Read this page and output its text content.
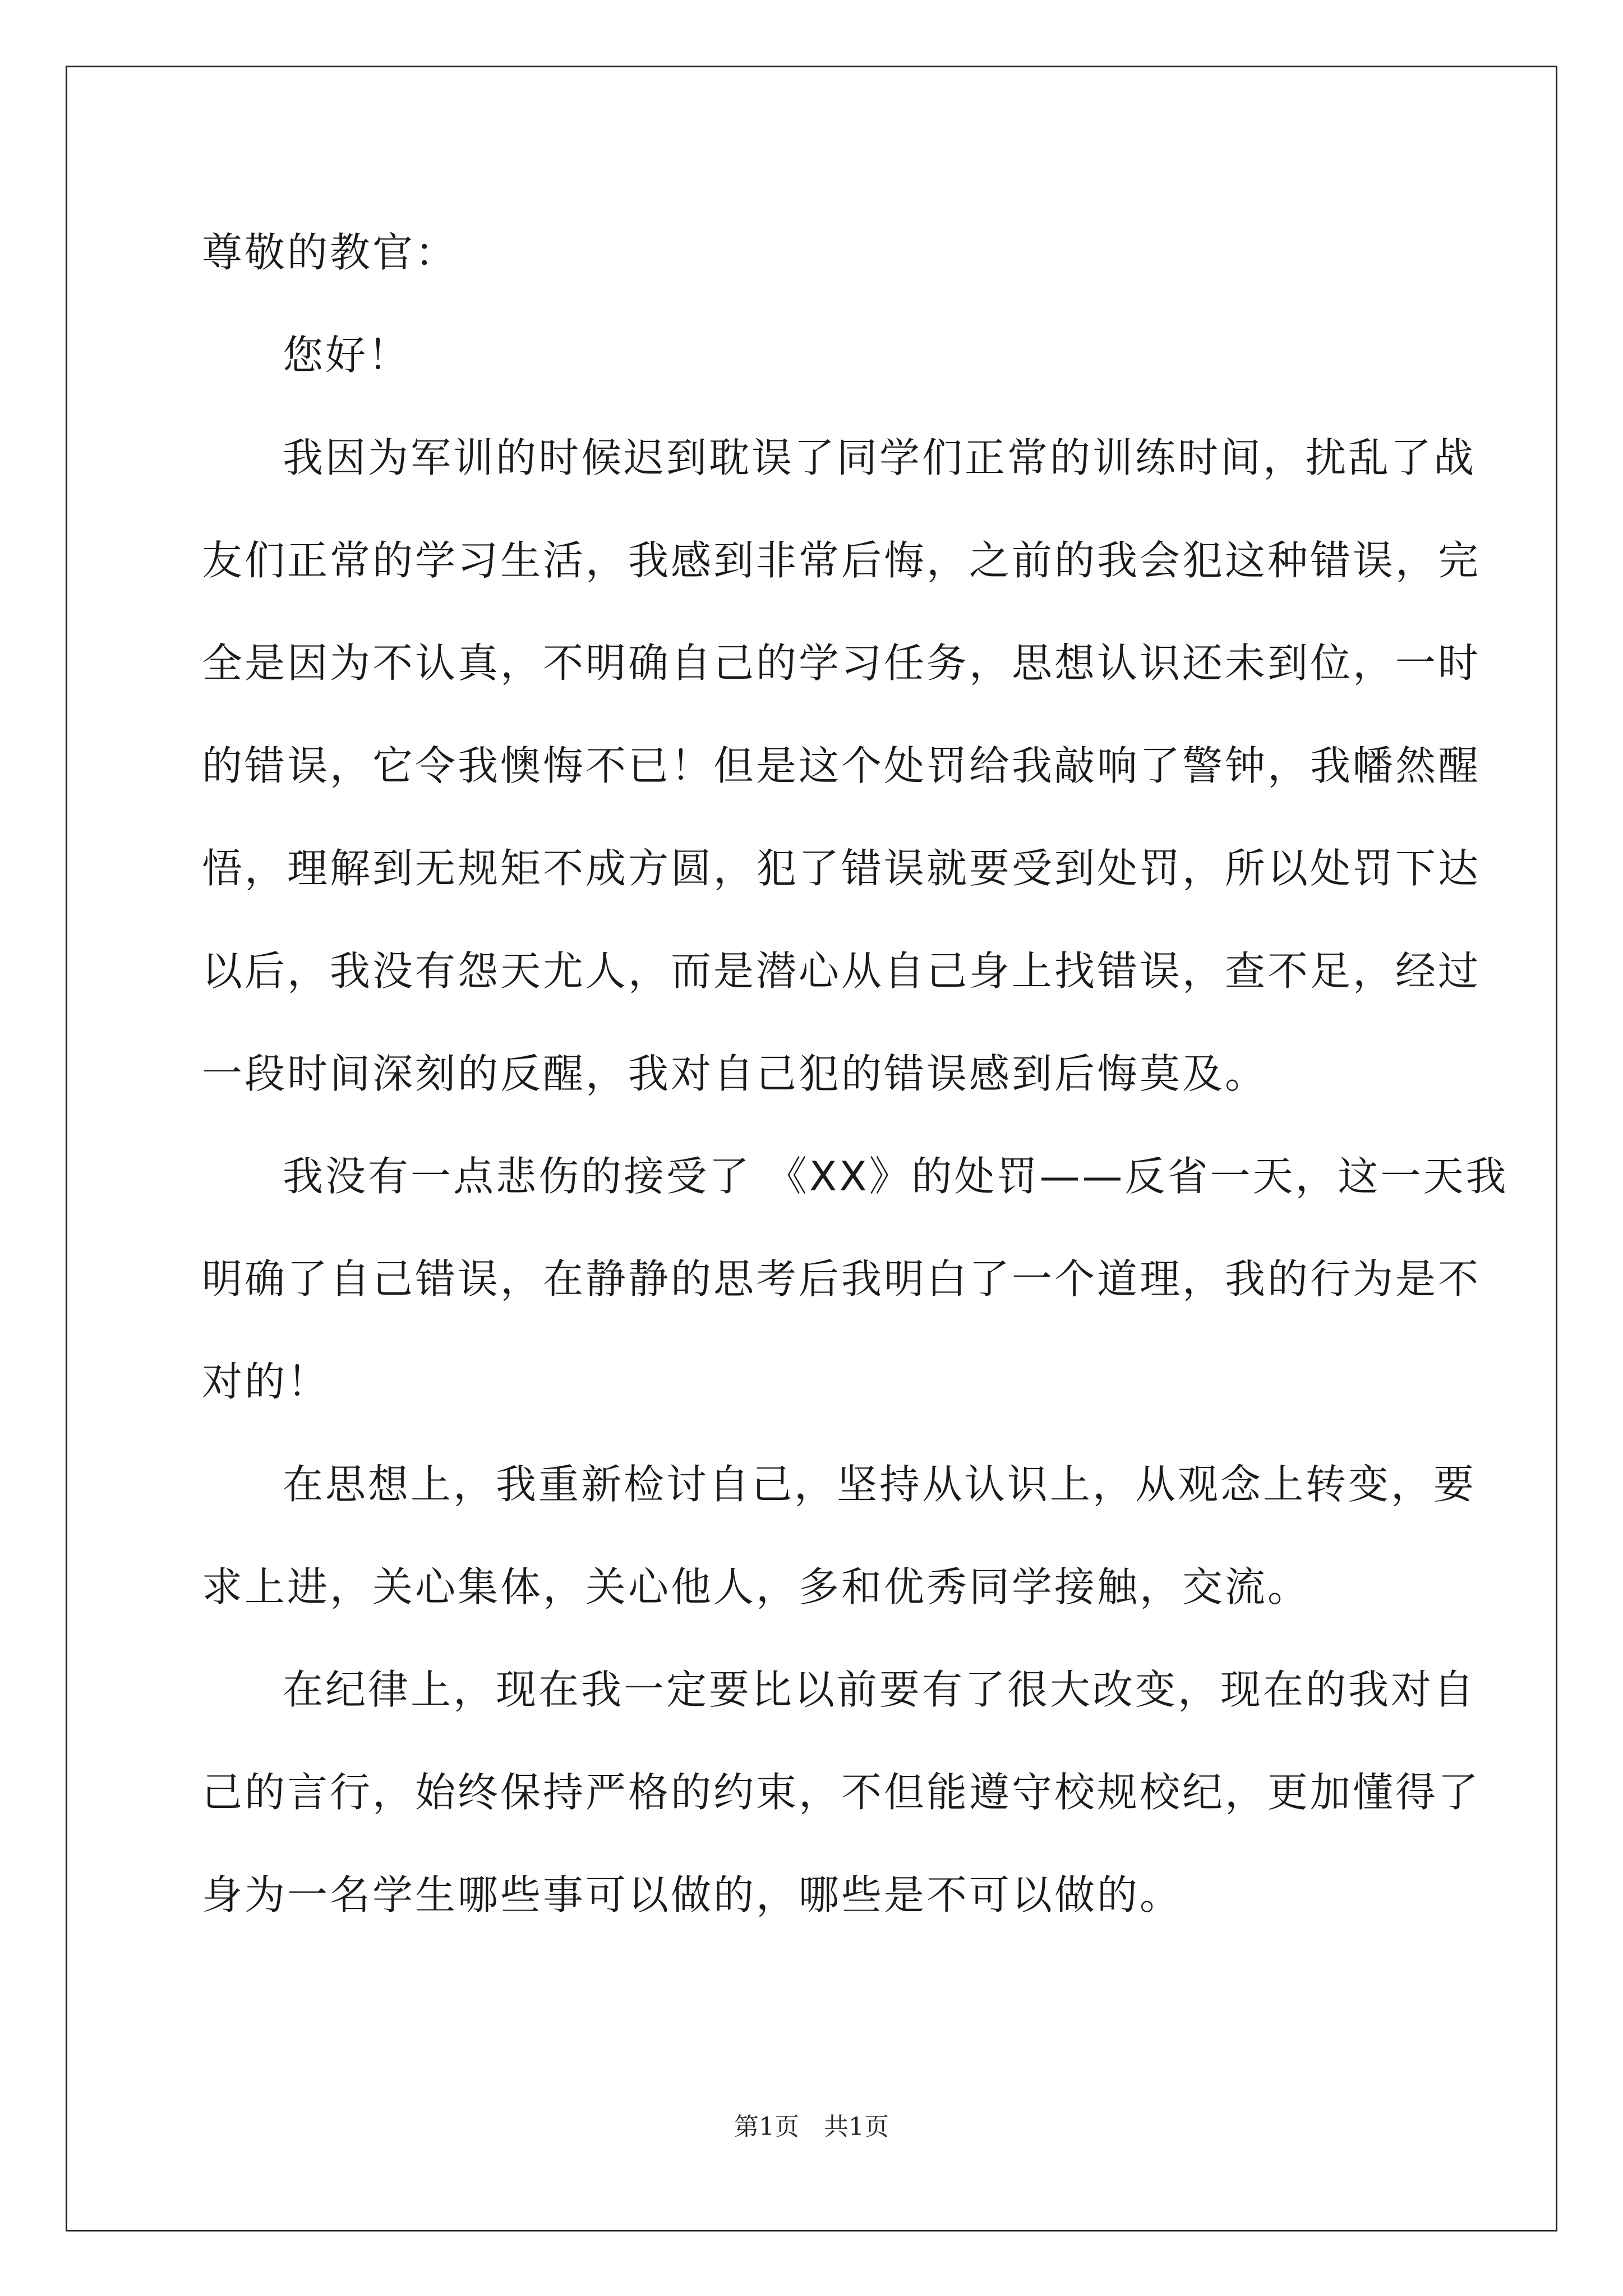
尊敬的教官：
您好！
我因为军训的时候迟到耽误了同学们正常的训练时间，扰乱了战
友们正常的学习生活，我感到非常后悔，之前的我会犯这种错误，完
全是因为不认真，不明确自己的学习任务，思想认识还未到位，一时
的错误，它令我懊悔不已！但是这个处罚给我敲响了警钟，我幡然醒
悟，理解到无规矩不成方圆，犯了错误就要受到处罚，所以处罚下达
以后，我没有怨天尤人，而是潜心从自己身上找错误，查不足，经过
一段时间深刻的反醒，我对自己犯的错误感到后悔莫及。
我没有一点悲伤的接受了 《XX》的处罚——反省一天，这一天我
明确了自己错误，在静静的思考后我明白了一个道理，我的行为是不
对的！
在思想上，我重新检讨自己，坚持从认识上，从观念上转变，要
求上进，关心集体，关心他人，多和优秀同学接触，交流。
在纪律上，现在我一定要比以前要有了很大改变，现在的我对自
己的言行，始终保持严格的约束，不但能遵守校规校纪，更加懂得了
身为一名学生哪些事可以做的，哪些是不可以做的。
第1页　共1页
